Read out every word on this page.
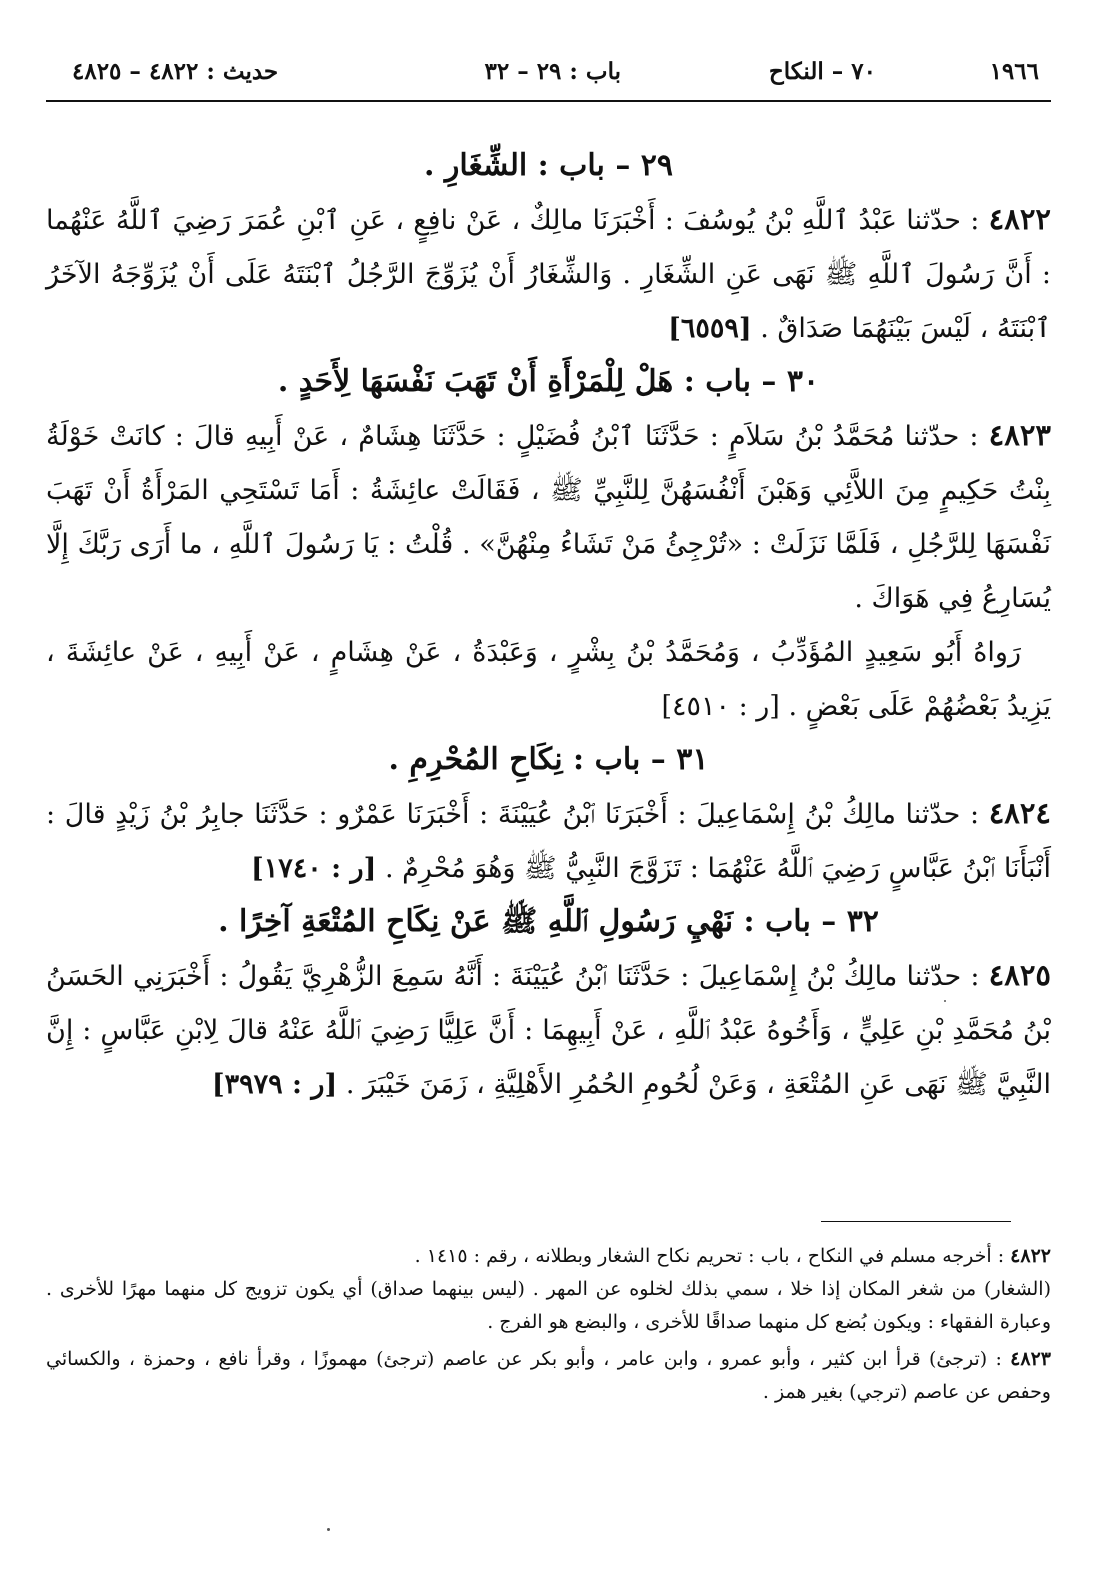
١٩٦٦
٧٠ – النكاح
باب : ٢٩ – ٣٢
حديث : ٤٨٢٢ – ٤٨٢٥
٢٩ – باب : الشِّغَارِ .

٤٨٢٢ : حدّثنا عَبْدُ ٱللَّهِ بْنُ يُوسُفَ : أَخْبَرَنَا مالِكٌ ، عَنْ نافِعٍ ، عَنِ ٱبْنِ عُمَرَ رَضِيَ ٱللَّهُ عَنْهُما : أَنَّ رَسُولَ ٱللَّهِ ﷺ نَهَى عَنِ الشِّغَارِ . وَالشِّغَارُ أَنْ يُزَوِّجَ الرَّجُلُ ٱبْنَتَهُ عَلَى أَنْ يُزَوِّجَهُ الآخَرُ ٱبْنَتَهُ ، لَيْسَ بَيْنَهُمَا صَدَاقٌ . [٦٥٥٩]

٣٠ – باب : هَلْ لِلْمَرْأَةِ أَنْ تَهَبَ نَفْسَهَا لِأَحَدٍ .

٤٨٢٣ : حدّثنا مُحَمَّدُ بْنُ سَلاَمٍ : حَدَّثَنَا ٱبْنُ فُضَيْلٍ : حَدَّثَنَا هِشَامٌ ، عَنْ أَبِيهِ قالَ : كانَتْ خَوْلَةُ بِنْتُ حَكِيمٍ مِنَ اللاَّئِي وَهَبْنَ أَنْفُسَهُنَّ لِلنَّبِيِّ ﷺ ، فَقَالَتْ عائِشَةُ : أَمَا تَسْتَحِي المَرْأَةُ أَنْ تَهَبَ نَفْسَهَا لِلرَّجُلِ ، فَلَمَّا نَزَلَتْ : «تُرْجِئُ مَنْ تَشَاءُ مِنْهُنَّ» . قُلْتُ : يَا رَسُولَ ٱللَّهِ ، ما أَرَى رَبَّكَ إِلَّا يُسَارِعُ فِي هَوَاكَ .

رَواهُ أَبُو سَعِيدٍ المُؤَدِّبُ ، وَمُحَمَّدُ بْنُ بِشْرٍ ، وَعَبْدَةُ ، عَنْ هِشَامٍ ، عَنْ أَبِيهِ ، عَنْ عائِشَةَ ، يَزِيدُ بَعْضُهُمْ عَلَى بَعْضٍ . [ر : ٤٥١٠]

٣١ – باب : نِكَاحِ المُحْرِمِ .

٤٨٢٤ : حدّثنا مالِكُ بْنُ إِسْمَاعِيلَ : أَخْبَرَنَا ٱبْنُ عُيَيْنَةَ : أَخْبَرَنَا عَمْرٌو : حَدَّثَنَا جابِرُ بْنُ زَيْدٍ قالَ : أَنْبَأَنَا ٱبْنُ عَبَّاسٍ رَضِيَ ٱللَّهُ عَنْهُمَا : تَزَوَّجَ النَّبِيُّ ﷺ وَهُوَ مُحْرِمٌ . [ر : ١٧٤٠]

٣٢ – باب : نَهْيِ رَسُولِ ٱللَّهِ ﷺ عَنْ نِكَاحِ المُتْعَةِ آخِرًا .

٤٨٢٥ : حدّثنا مالِكُ بْنُ إِسْمَاعِيلَ : حَدَّثَنَا ٱبْنُ عُيَيْنَةَ : أَنَّهُ سَمِعَ الزُّهْرِيَّ يَقُولُ : أَخْبَرَنِي الحَسَنُ بْنُ مُحَمَّدِ بْنِ عَلِيٍّ ، وَأَخُوهُ عَبْدُ ٱللَّهِ ، عَنْ أَبِيهِمَا : أَنَّ عَلِيًّا رَضِيَ ٱللَّهُ عَنْهُ قالَ لِابْنِ عَبَّاسٍ : إِنَّ النَّبِيَّ ﷺ نَهَى عَنِ المُتْعَةِ ، وَعَنْ لُحُومِ الحُمُرِ الأَهْلِيَّةِ ، زَمَنَ خَيْبَرَ . [ر : ٣٩٧٩]

٤٨٢٢ : أخرجه مسلم في النكاح ، باب : تحريم نكاح الشغار وبطلانه ، رقم : ١٤١٥ .
(الشغار) من شغر المكان إذا خلا ، سمي بذلك لخلوه عن المهر . (ليس بينهما صداق) أي يكون تزويج كل منهما مهرًا للأخرى . وعبارة الفقهاء : ويكون بُضع كل منهما صداقًا للأخرى ، والبضع هو الفرج .

٤٨٢٣ : (ترجئ) قرأ ابن كثير ، وأبو عمرو ، وابن عامر ، وأبو بكر عن عاصم (ترجئ) مهموزًا ، وقرأ نافع ، وحمزة ، والكسائي وحفص عن عاصم (ترجي) بغير همز .
